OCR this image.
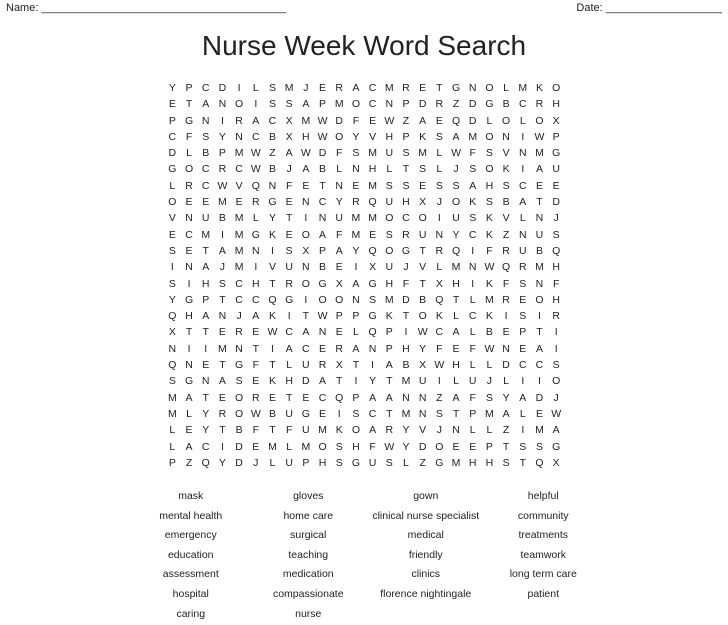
Name: ________________________________________	Date: ___________________
Nurse Week Word Search
Y P C D	I	L S M J	E R A C M R E T G N O L M K O
E T A N O	I	S S A P M O C N P D R Z D G B C R H
P G N	I	R A C X M W D F E W Z A E Q D L O L O X
C F S Y N C B X H W O Y V H P K S A M O N	I W P
D L B P M W Z A W D F S M U S M L W F S V N M G
G O C R C W B	J	A B L N H L	T S L	J	S O K	I	A U
L R C W V Q N F E T N E M S S E S S A H S C E E
O E E M E R G E N C Y R Q U H X	J O K S B A T D
V N U B M L Y T	I	N U M M O C O	I	U S K V L N J
E C M	I	M G K E O A F M E S R U N Y C K Z N U S
S E T A M N	I	S X P A Y Q O G T R Q	I	F R U B Q
I	N A	J M	I	V U N B E	I	X U J	V L M N W Q R M H
S	I	H S C H T R O G X A G H F T X H	I	K F S N F
Y G P T C C Q G	I	O O N S M D B Q T	L M R E O H
Q H A N J	A K	I	T W P P G K T O K L C K	I	S	I	R
X T T E R E W C A N E L Q P	I W C A L B E P T	I
N	I	I	M N T	I	A C E R A N P H Y F E F W N E A	I
Q N E T G F T	L U R X T	I	A B X W H L	L D C C S
S G N A S E K H D A T	I	Y T M U	I	L U J	L	I	I	O
M A T E O R E T E C Q P A A N N Z A F S Y A D J
M L Y R O W B U G E	I	S C T M N S T P M A L E W
L E Y T B F T F U M K O A R Y V	J N L	L	Z	I	M A
L A C	I	D E M L M O S H F W Y D O E E P T S S G
P Z Q Y D J	L U P H S G U S L	Z G M H H S T Q X
mask	gloves	gown	helpful
mental health	home care	clinical nurse specialist	community
emergency	surgical	medical	treatments
education	teaching	friendly	teamwork
assessment	medication	clinics	long term care
hospital	compassionate	florence nightingale	patient
caring	nurse
